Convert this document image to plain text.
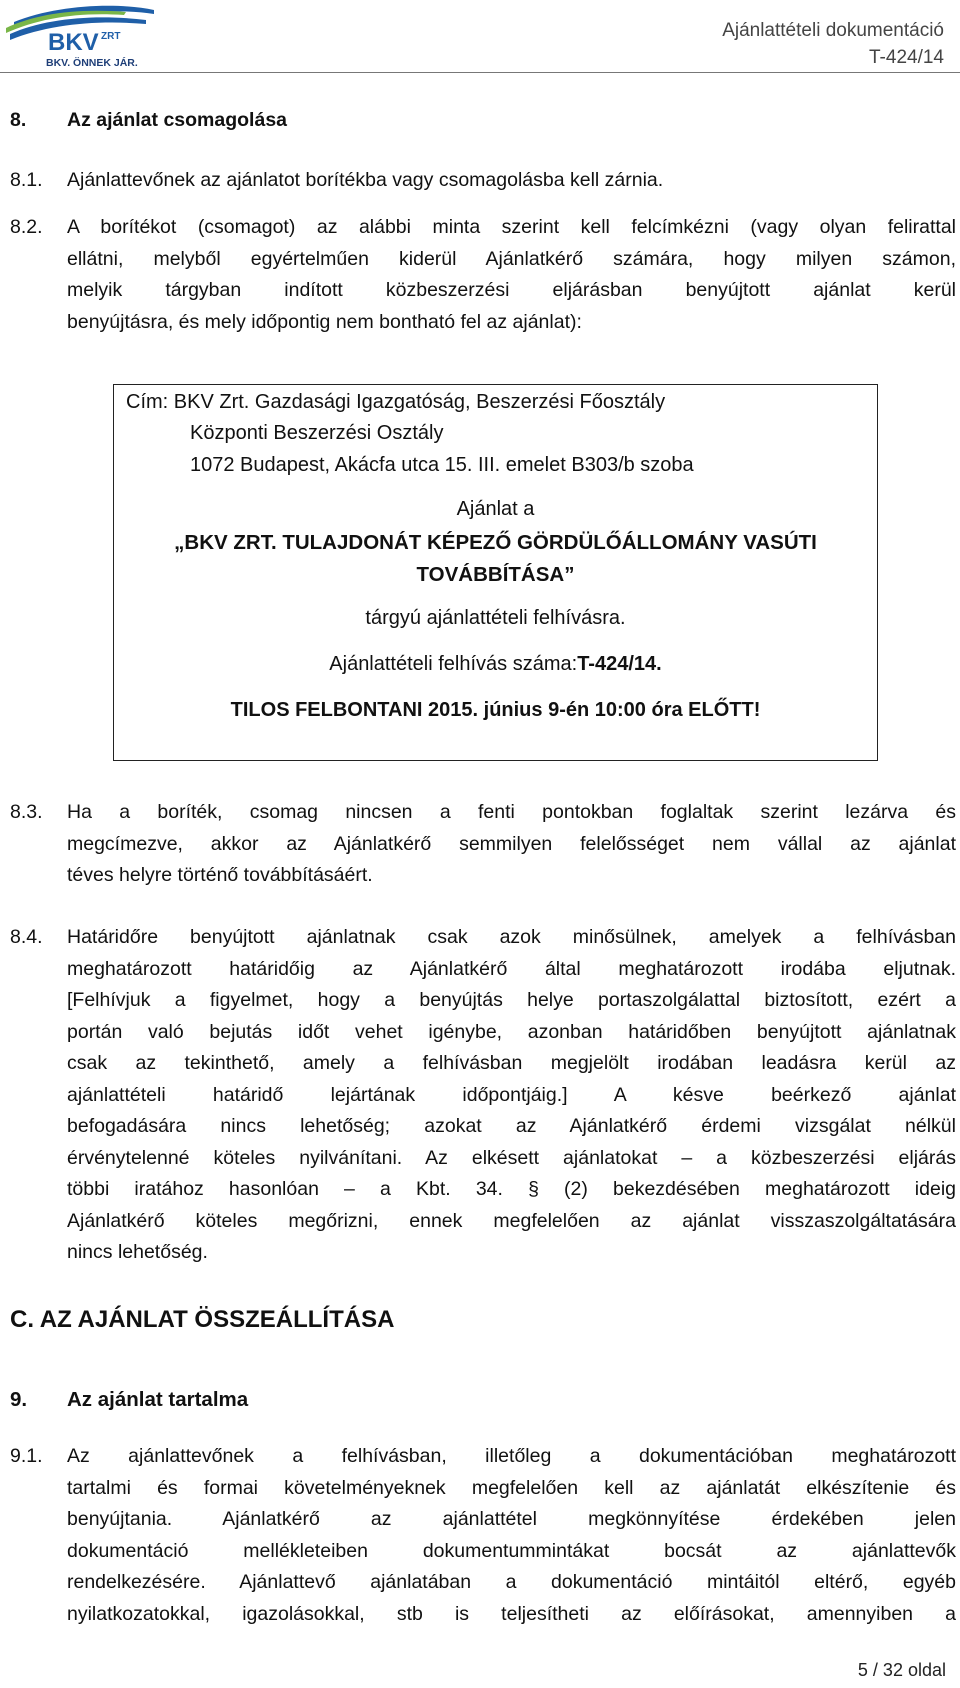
BKV ZRT
BKV. ÖNNEK JÁR.
Ajánlattételi dokumentáció
T-424/14
8.	Az ajánlat csomagolása
8.1.	Ajánlattevőnek az ajánlatot borítékba vagy csomagolásba kell zárnia.
8.2.	A borítékot (csomagot) az alábbi minta szerint kell felcímkézni (vagy olyan felirattal
ellátni, melyből egyértelműen kiderül Ajánlatkérő számára, hogy milyen számon,
melyik tárgyban indított közbeszerzési eljárásban benyújtott ajánlat kerül
benyújtásra, és mely időpontig nem bontható fel az ajánlat):
Cím: BKV Zrt. Gazdasági Igazgatóság, Beszerzési Főosztály
Központi Beszerzési Osztály
1072 Budapest, Akácfa utca 15. III. emelet B303/b szoba
Ajánlat a
„BKV ZRT. TULAJDONÁT KÉPEZŐ GÖRDÜLŐÁLLOMÁNY VASÚTI
TOVÁBBÍTÁSA”
tárgyú ajánlattételi felhívásra.
Ajánlattételi felhívás száma:T-424/14.
TILOS FELBONTANI 2015. június 9-én 10:00 óra ELŐTT!
8.3.	Ha a boríték, csomag nincsen a fenti pontokban foglaltak szerint lezárva és
megcímezve, akkor az Ajánlatkérő semmilyen felelősséget nem vállal az ajánlat
téves helyre történő továbbításáért.
8.4.	Határidőre benyújtott ajánlatnak csak azok minősülnek, amelyek a felhívásban
meghatározott határidőig az Ajánlatkérő által meghatározott irodába eljutnak.
[Felhívjuk a figyelmet, hogy a benyújtás helye portaszolgálattal biztosított, ezért a
portán való bejutás időt vehet igénybe, azonban határidőben benyújtott ajánlatnak
csak az tekinthető, amely a felhívásban megjelölt irodában leadásra kerül az
ajánlattételi határidő lejártának időpontjáig.] A késve beérkező ajánlat
befogadására nincs lehetőség; azokat az Ajánlatkérő érdemi vizsgálat nélkül
érvénytelenné köteles nyilvánítani. Az elkésett ajánlatokat – a közbeszerzési eljárás
többi iratához hasonlóan – a Kbt. 34. § (2) bekezdésében meghatározott ideig
Ajánlatkérő köteles megőrizni, ennek megfelelően az ajánlat visszaszolgáltatására
nincs lehetőség.
C. AZ AJÁNLAT ÖSSZEÁLLÍTÁSA
9.	Az ajánlat tartalma
9.1.	Az ajánlattevőnek a felhívásban, illetőleg a dokumentációban meghatározott
tartalmi és formai követelményeknek megfelelően kell az ajánlatát elkészítenie és
benyújtania. Ajánlatkérő az ajánlattétel megkönnyítése érdekében jelen
dokumentáció mellékleteiben dokumentummintákat bocsát az ajánlattevők
rendelkezésére. Ajánlattevő ajánlatában a dokumentáció mintáitól eltérő, egyéb
nyilatkozatokkal, igazolásokkal, stb is teljesítheti az előírásokat, amennyiben a
5 / 32 oldal
